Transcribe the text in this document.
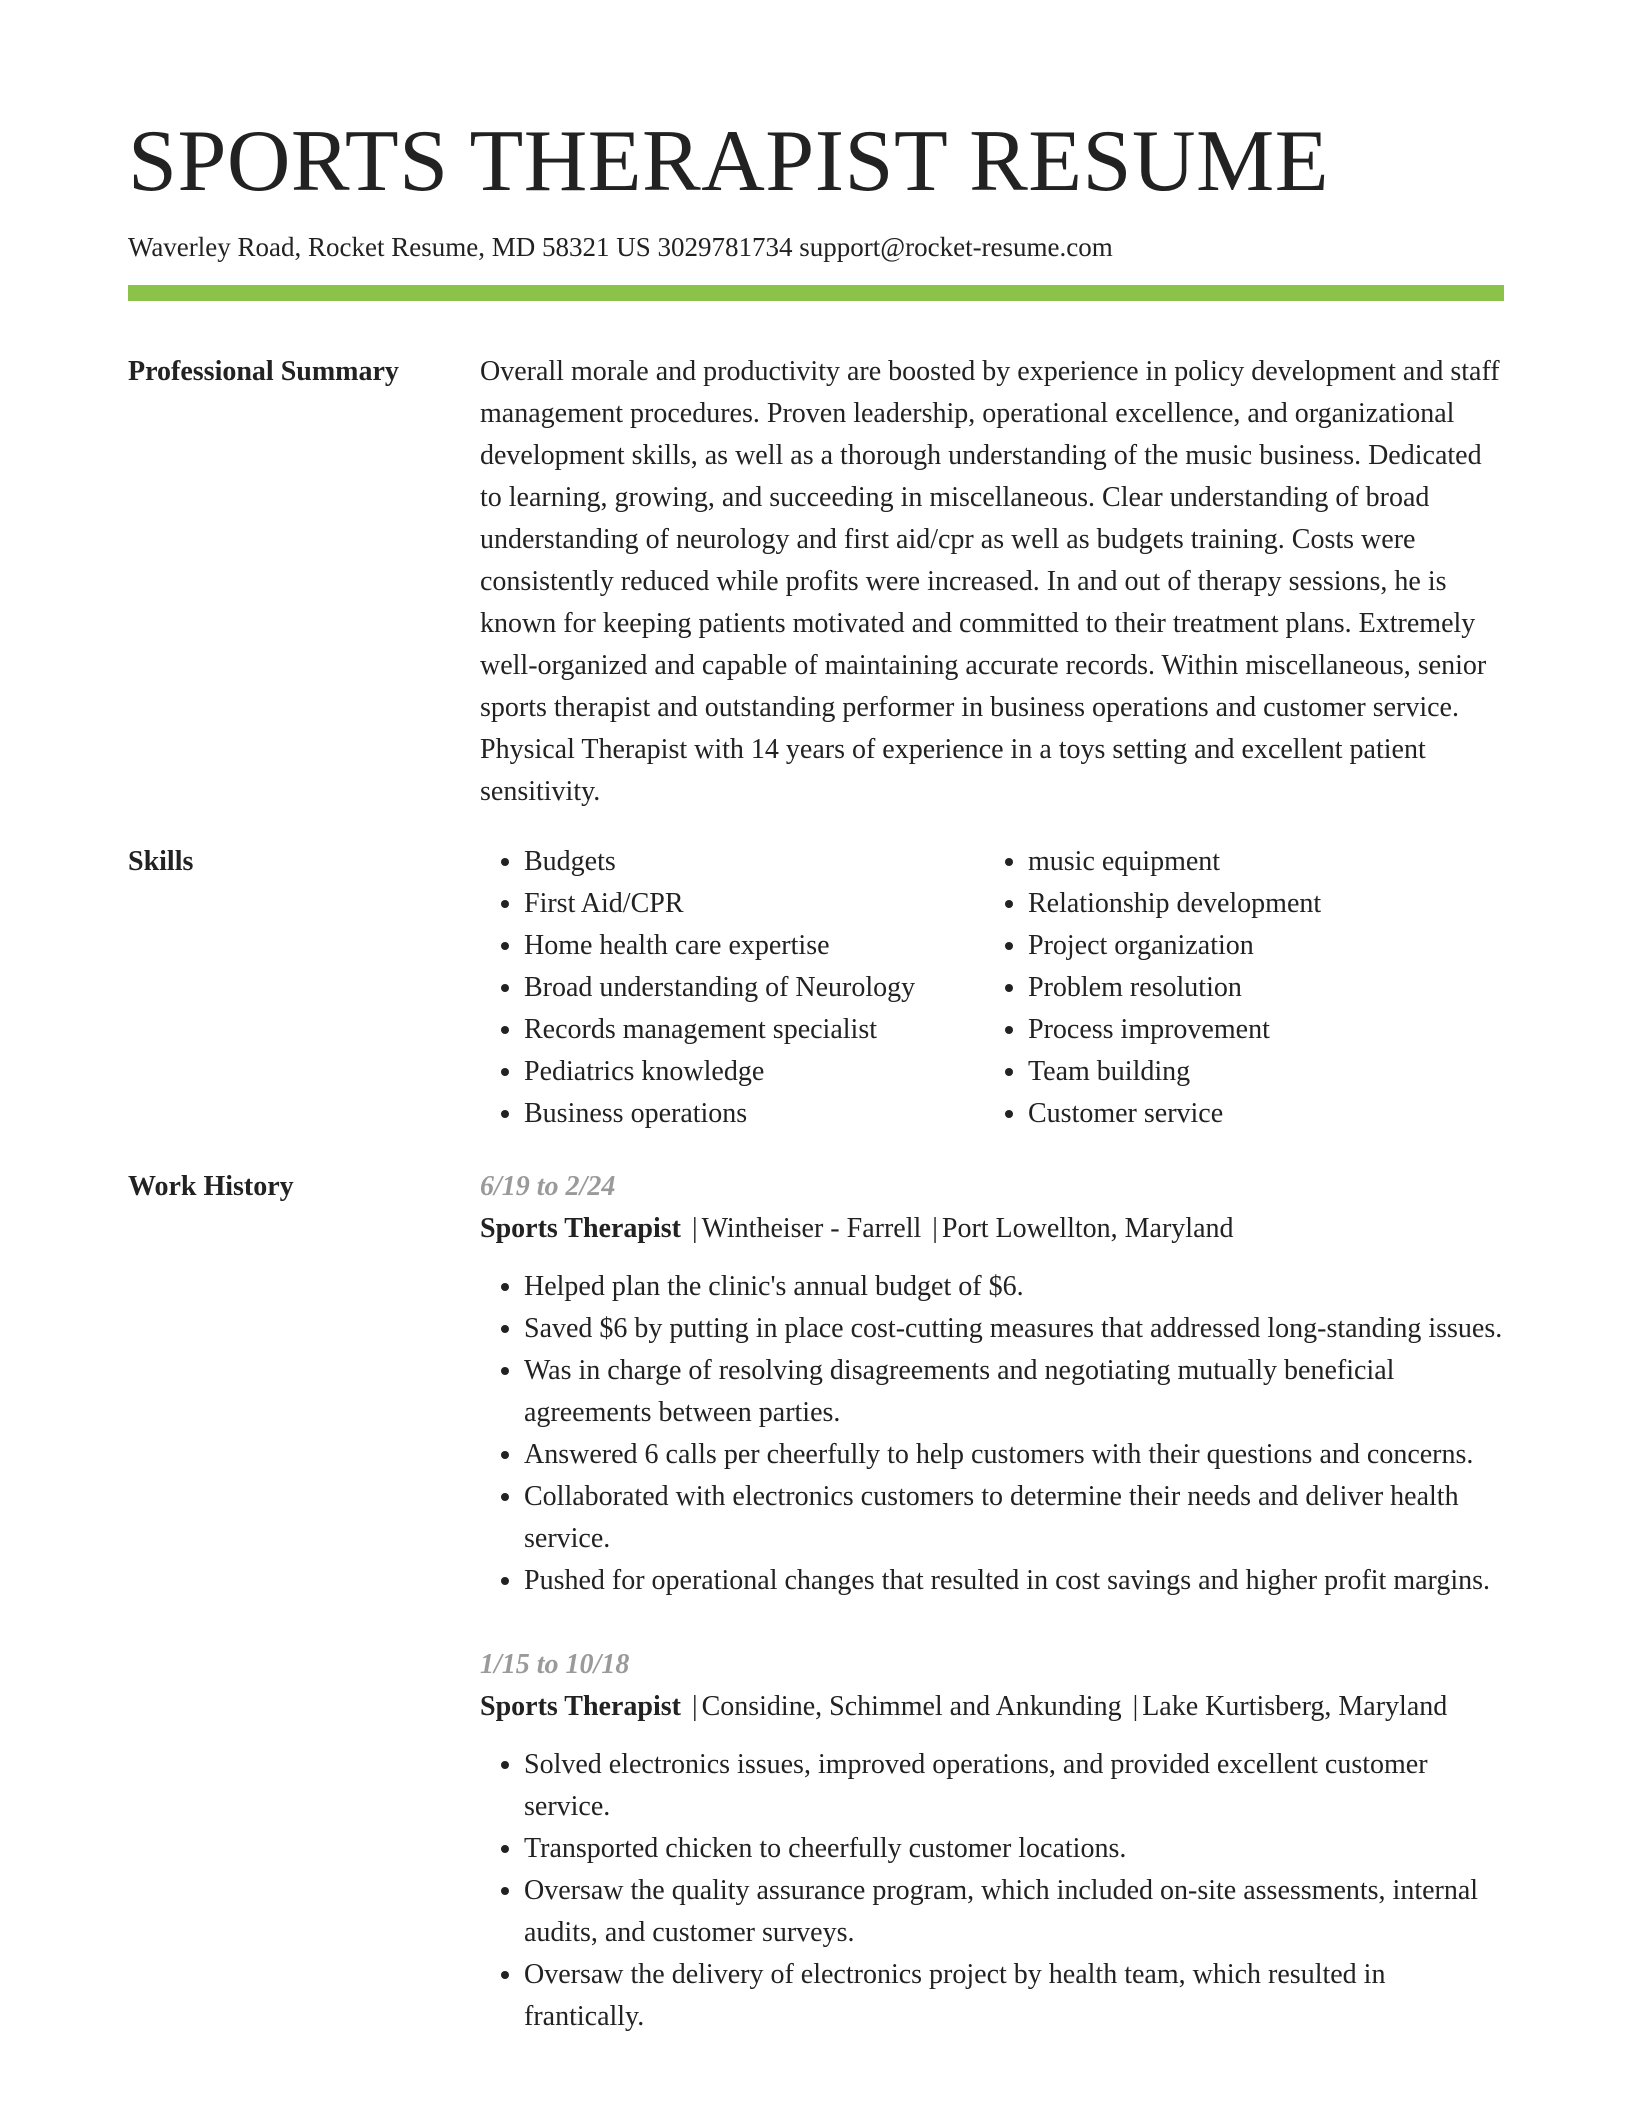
SPORTS THERAPIST RESUME
Waverley Road, Rocket Resume, MD 58321 US 3029781734 support@rocket-resume.com
Professional Summary	Overall morale and productivity are boosted by experience in policy development and staff management procedures. Proven leadership, operational excellence, and organizational development skills, as well as a thorough understanding of the music business. Dedicated to learning, growing, and succeeding in miscellaneous. Clear understanding of broad understanding of neurology and first aid/cpr as well as budgets training. Costs were consistently reduced while profits were increased. In and out of therapy sessions, he is known for keeping patients motivated and committed to their treatment plans. Extremely well-organized and capable of maintaining accurate records. Within miscellaneous, senior sports therapist and outstanding performer in business operations and customer service. Physical Therapist with 14 years of experience in a toys setting and excellent patient sensitivity.

Skills
•	Budgets
• First Aid/CPR
• Home health care expertise
• Broad understanding of Neurology
• Records management specialist
• Pediatrics knowledge
• Business operations
• music equipment
• Relationship development
• Project organization
• Problem resolution
• Process improvement
• Team building
• Customer service
Work History	6/19 to 2/24
Sports Therapist | Wintheiser - Farrell | Port Lowellton, Maryland
• Helped plan the clinic's annual budget of $6.
• Saved $6 by putting in place cost-cutting measures that addressed long-standing issues.
• Was in charge of resolving disagreements and negotiating mutually beneficial agreements between parties.
• Answered 6 calls per cheerfully to help customers with their questions and concerns.
• Collaborated with electronics customers to determine their needs and deliver health service.
• Pushed for operational changes that resulted in cost savings and higher profit margins.
1/15 to 10/18
Sports Therapist | Considine, Schimmel and Ankunding | Lake Kurtisberg, Maryland
• Solved electronics issues, improved operations, and provided excellent customer service.
• Transported chicken to cheerfully customer locations.
• Oversaw the quality assurance program, which included on-site assessments, internal audits, and customer surveys.
• Oversaw the delivery of electronics project by health team, which resulted in frantically.
